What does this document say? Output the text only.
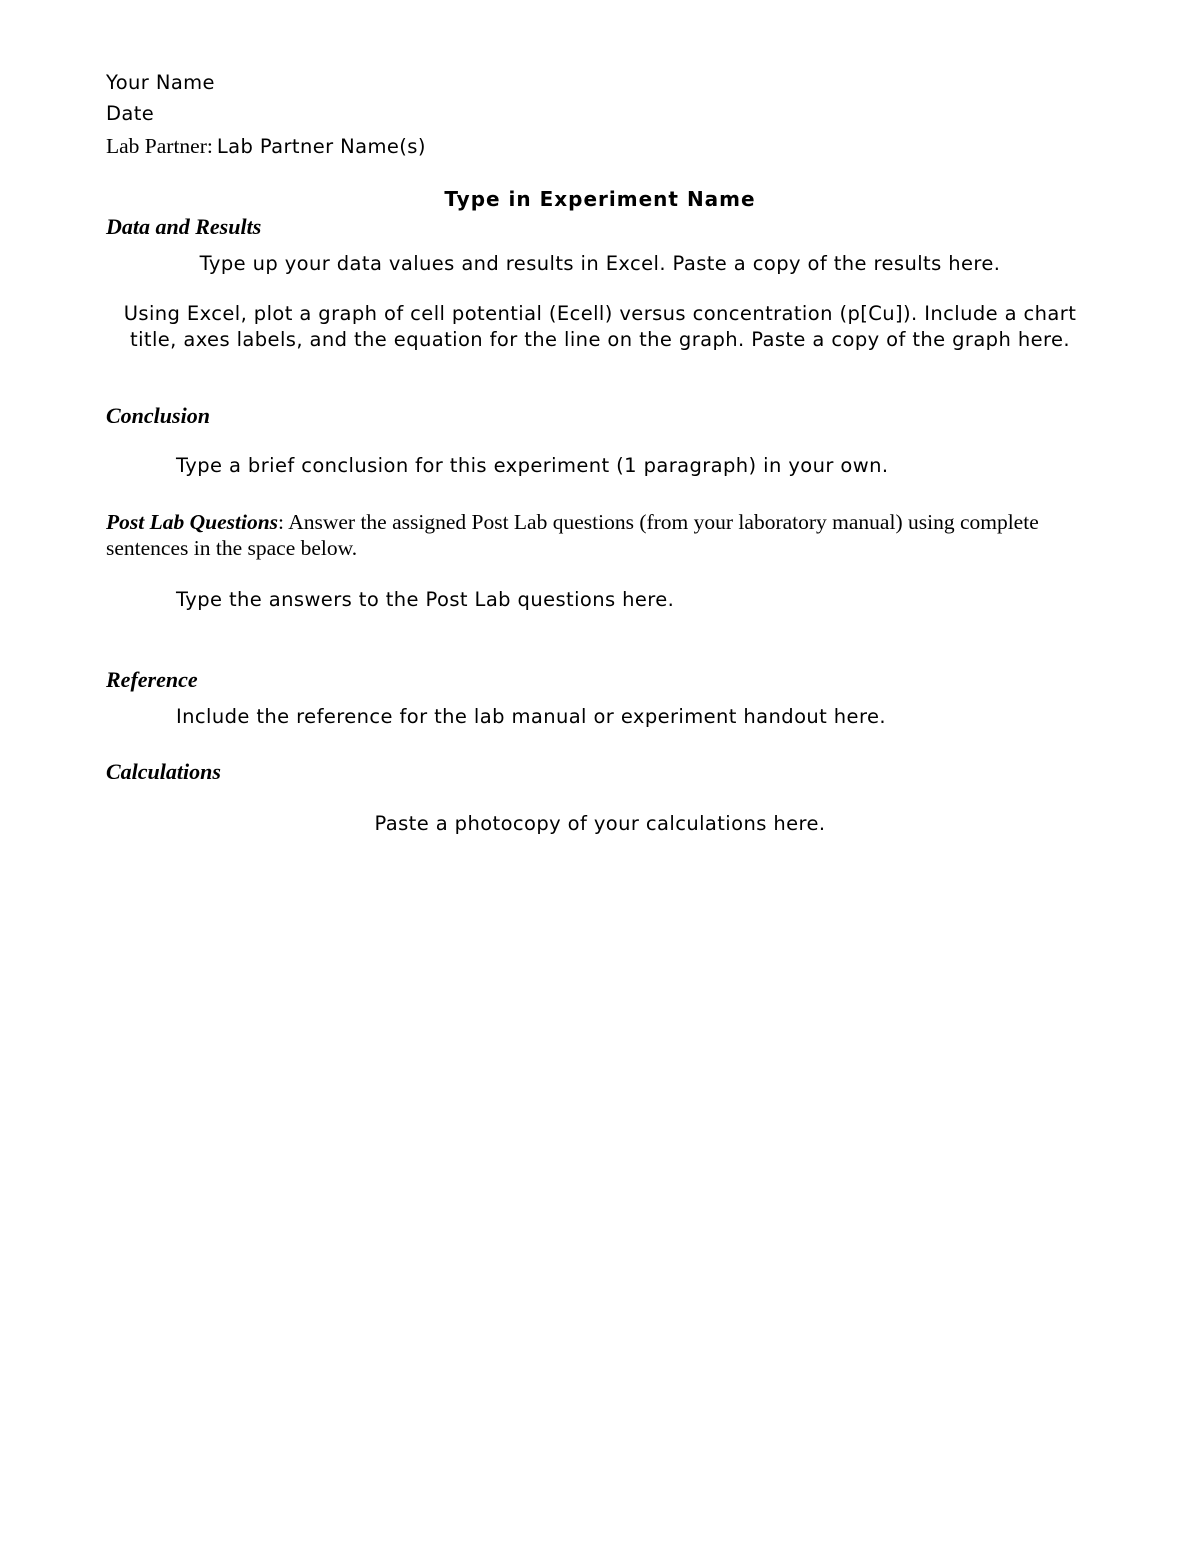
Your Name
Date
Lab Partner: Lab Partner Name(s)
Type in Experiment Name
Data and Results
Type up your data values and results in Excel. Paste a copy of the results here.
Using Excel, plot a graph of cell potential (Ecell) versus concentration (p[Cu]). Include a chart title, axes labels, and the equation for the line on the graph. Paste a copy of the graph here.
Conclusion
Type a brief conclusion for this experiment (1 paragraph) in your own.
Post Lab Questions: Answer the assigned Post Lab questions (from your laboratory manual) using complete sentences in the space below.
Type the answers to the Post Lab questions here.
Reference
Include the reference for the lab manual or experiment handout here.
Calculations
Paste a photocopy of your calculations here.
